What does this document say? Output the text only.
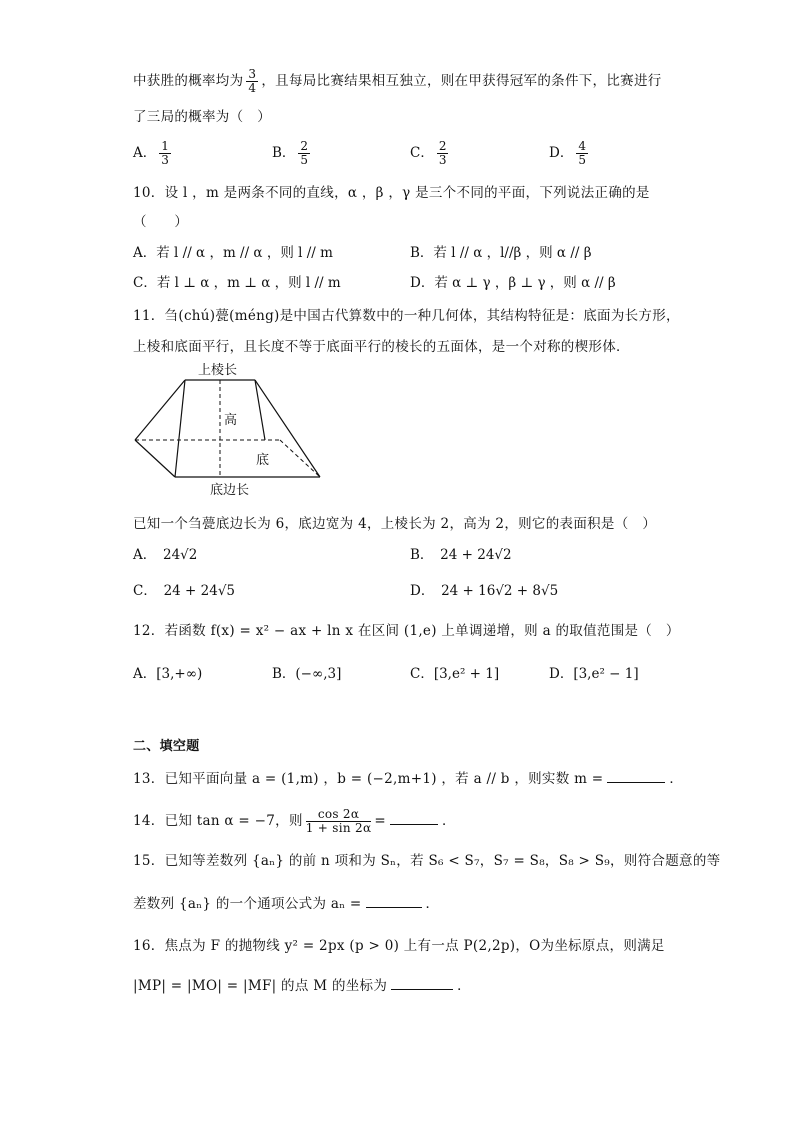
中获胜的概率均为 $\frac{3}{4}$ ，且每局比赛结果相互独立，则在甲获得冠军的条件下，比赛进行
了三局的概率为（　）
A． $\frac{1}{3}$	B． $\frac{2}{5}$	C． $\frac{2}{3}$	D． $\frac{4}{5}$
10．设 l ，m 是两条不同的直线，α ，β ，γ 是三个不同的平面，下列说法正确的是
（　　）
A．若 l // α ，m // α ，则 l // m	B．若 l // α ，l//β ，则 α // β
C．若 l ⊥ α ，m ⊥ α ，则 l // m	D．若 α ⊥ γ ，β ⊥ γ ，则 α // β
11．刍(chú)甍(méng)是中国古代算数中的一种几何体，其结构特征是：底面为长方形，
上棱和底面平行，且长度不等于底面平行的棱长的五面体，是一个对称的楔形体．
上棱长
高
底
底边长
已知一个刍甍底边长为 6，底边宽为 4，上棱长为 2，高为 2，则它的表面积是（　）
A．　24√2	B．　24 + 24√2
C．　24 + 24√5	D．　24 + 16√2 + 8√5
12．若函数 f(x) = x² − ax + ln x 在区间 (1,e) 上单调递增，则 a 的取值范围是（　）
A．[3,+∞)	B．(−∞,3]	C．[3,e² + 1]	D．[3,e² − 1]
二、填空题
13．已知平面向量 a = (1,m) ，b = (−2,m+1) ，若 a // b ，则实数 m =	．
14．已知 tan α = −7，则 $\frac{\cos 2\alpha}{1 + \sin 2\alpha}$ =	．
15．已知等差数列 {aₙ} 的前 n 项和为 Sₙ，若 S₆ < S₇，S₇ = S₈，S₈ > S₉，则符合题意的等
差数列 {aₙ} 的一个通项公式为 aₙ =	．
16．焦点为 F 的抛物线 y² = 2px (p > 0) 上有一点 P(2,2p)，O为坐标原点，则满足
|MP| = |MO| = |MF| 的点 M 的坐标为	．
